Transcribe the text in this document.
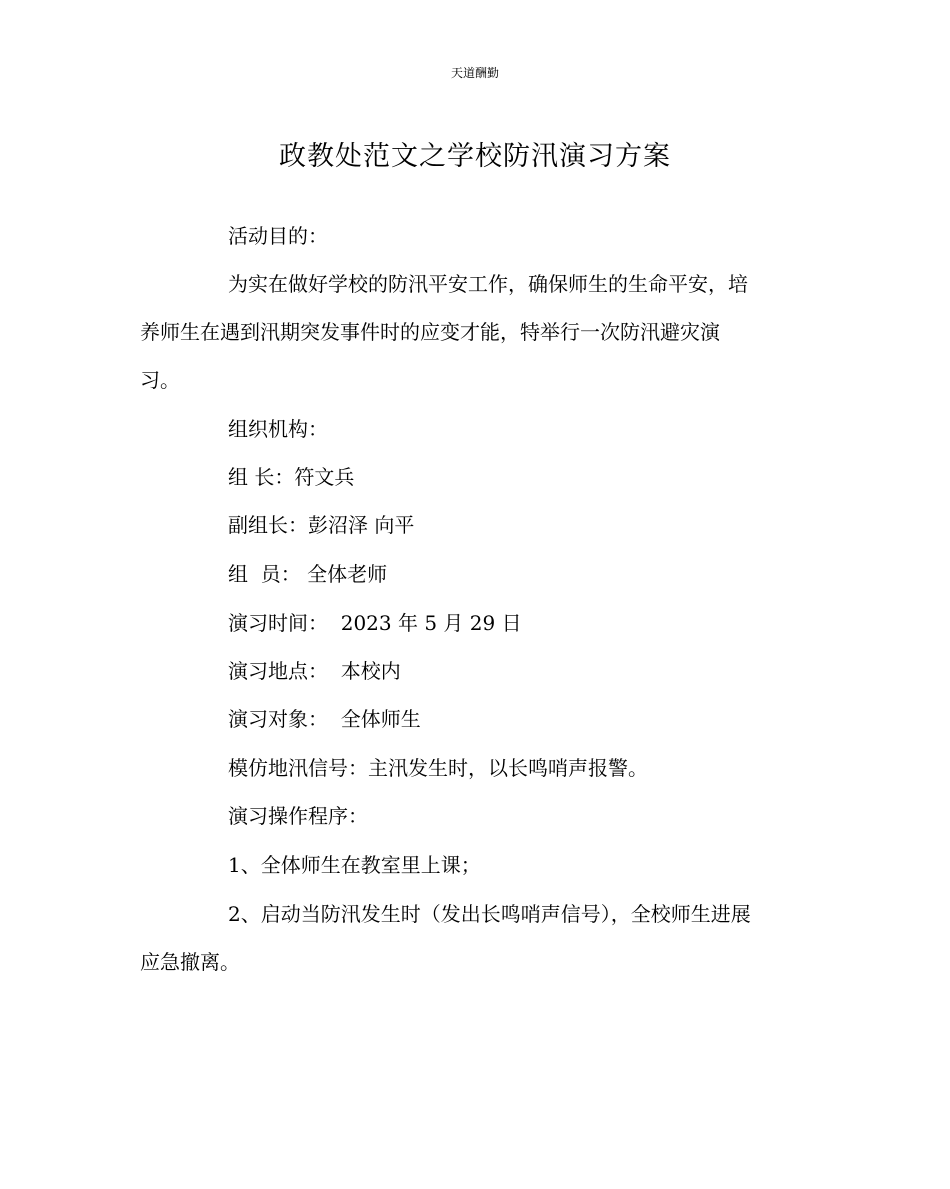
天道酬勤
政教处范文之学校防汛演习方案
活动目的：
为实在做好学校的防汛平安工作，确保师生的生命平安，培
养师生在遇到汛期突发事件时的应变才能，特举行一次防汛避灾演
习。
组织机构：
组 长：符文兵
副组长：彭沼泽 向平
组  员： 全体老师
演习时间：  2023 年 5 月 29 日
演习地点：  本校内
演习对象：  全体师生
模仿地汛信号：主汛发生时，以长鸣哨声报警。
演习操作程序：
1、全体师生在教室里上课；
2、启动当防汛发生时（发出长鸣哨声信号），全校师生进展
应急撤离。
